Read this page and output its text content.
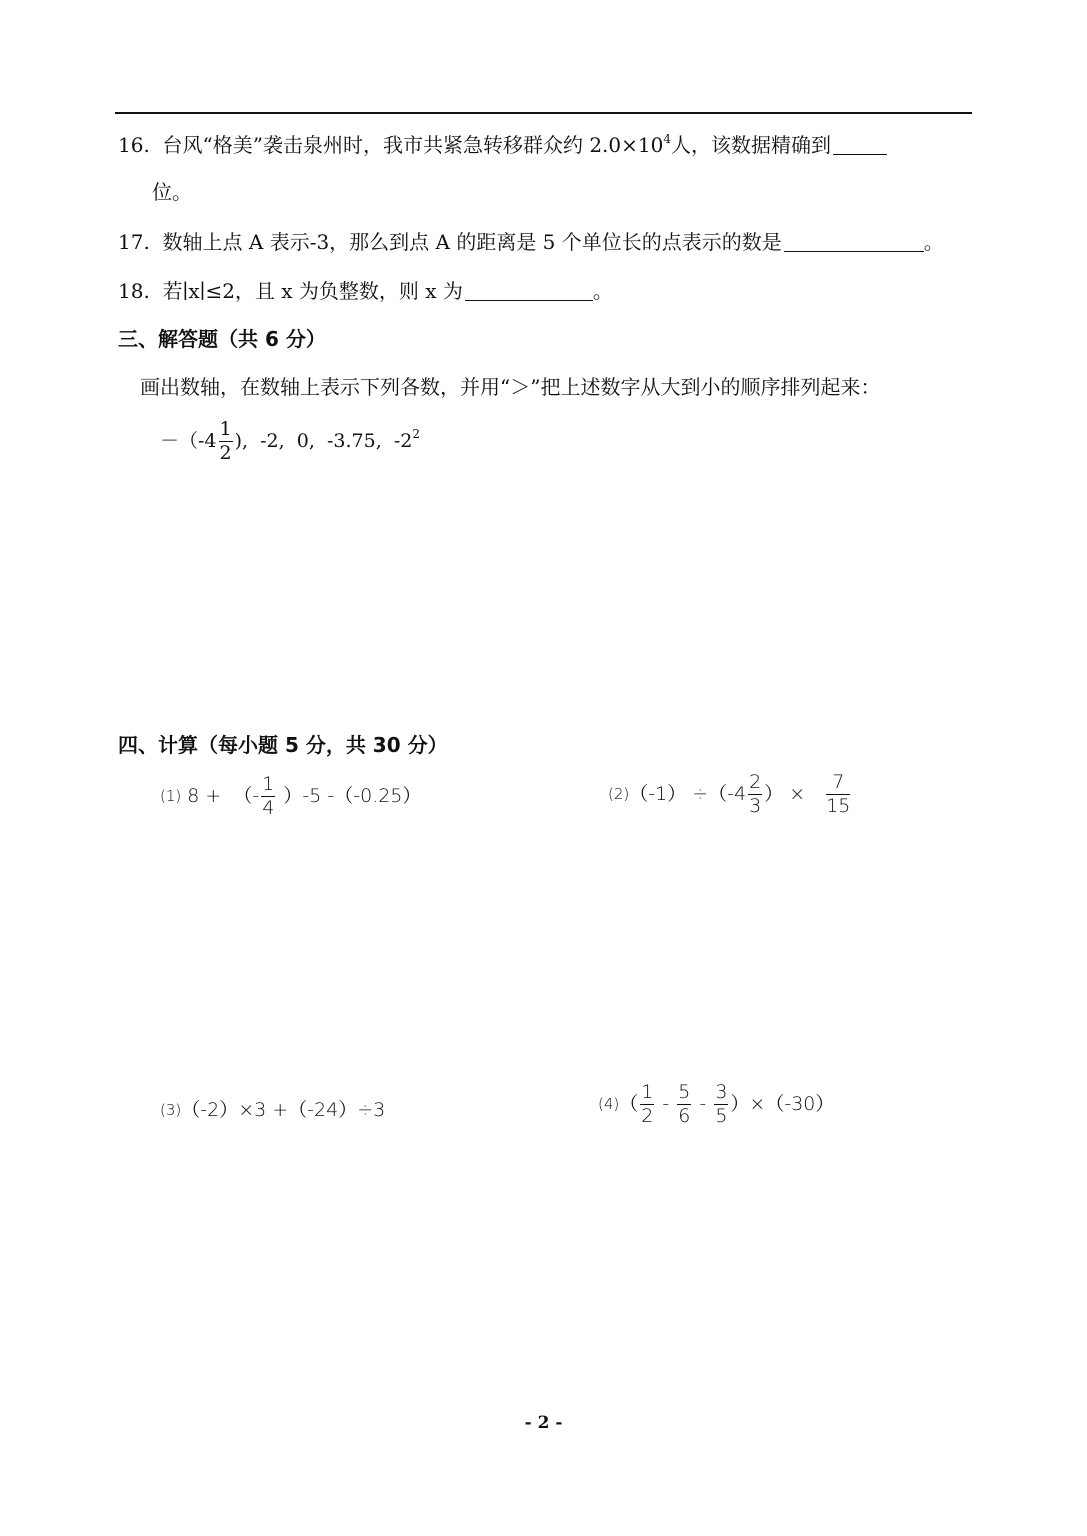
16. 台风“格美”袭击泉州时，我市共紧急转移群众约 $2.0\times 10^4$人，该数据精确到
位。
17. 数轴上点 A 表示-3，那么到点 A 的距离是 5 个单位长的点表示的数是	。
18. 若∣x∣≤2，且 x 为负整数，则 x 为	。
三、解答题（共 6 分）
画出数轴，在数轴上表示下列各数，并用“＞”把上述数字从大到小的顺序排列起来：
$-(-4 \frac{1}{2}$ ),  -2,  0,  -3.75,  -2 2
四、计算（每小题 5 分，共 30 分）
(1) 8 +  （- $\frac{1}{4} )-5$ -（-0.25）	(2) $(-1) \div(-4 \frac{2}{3}$ ） × $\frac{7}{15}$
(3) （-2）×3 +（-24）÷3	(4) （ $\frac{1}{2} - \frac{5}{6} - \frac{3}{5} )\times(-30)$
- 2 -
